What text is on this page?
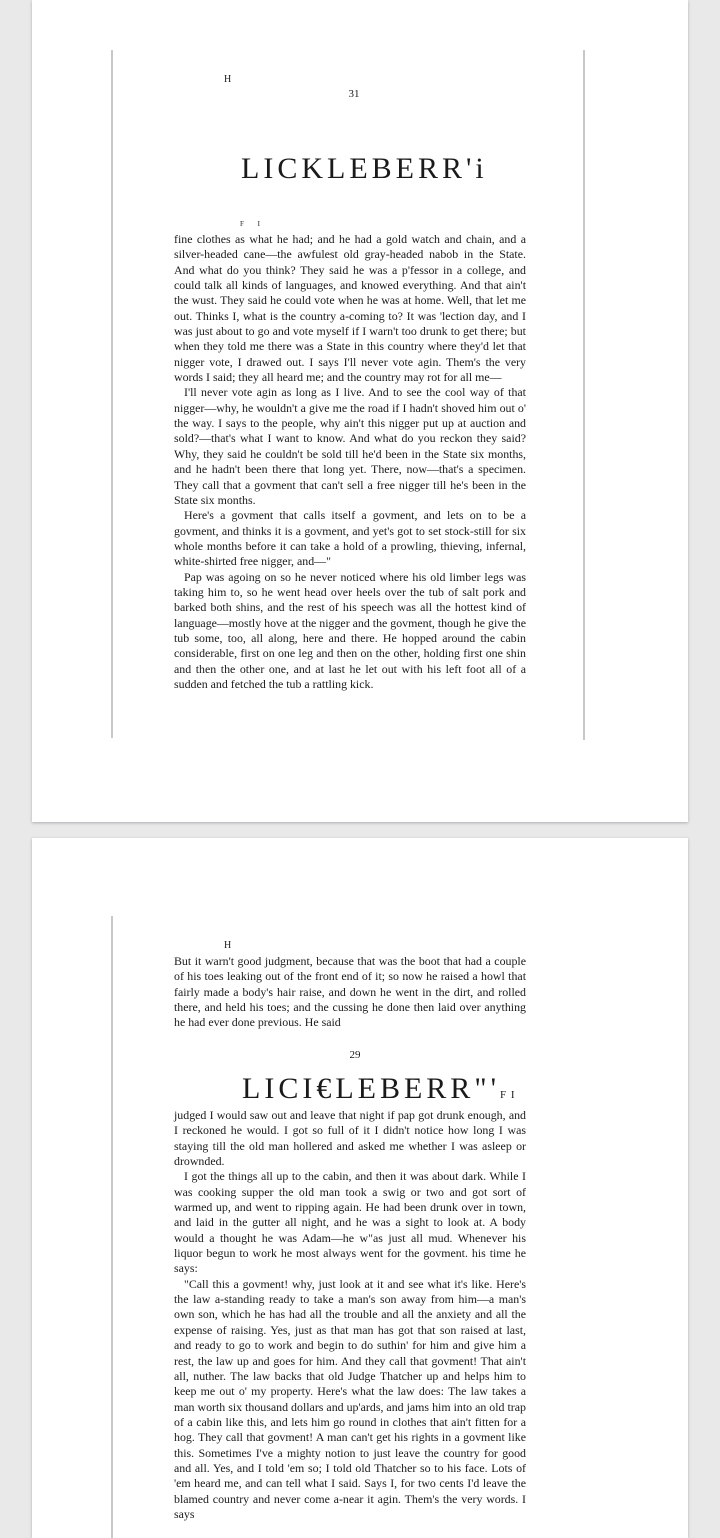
H
31
LICKLEBERR'i
F I

fine clothes as what he had; and he had a gold watch and chain, and a silver-headed cane—the awfulest old gray-headed nabob in the State. And what do you think? They said he was a p'fessor in a college, and could talk all kinds of languages, and knowed everything. And that ain't the wust. They said he could vote when he was at home. Well, that let me out. Thinks I, what is the country a-coming to? It was 'lection day, and I was just about to go and vote myself if I warn't too drunk to get there; but when they told me there was a State in this country where they'd let that nigger vote, I drawed out. I says I'll never vote agin. Them's the very words I said; they all heard me; and the country may rot for all me—

I'll never vote agin as long as I live. And to see the cool way of that nigger—why, he wouldn't a give me the road if I hadn't shoved him out o' the way. I says to the people, why ain't this nigger put up at auction and sold?—that's what I want to know. And what do you reckon they said? Why, they said he couldn't be sold till he'd been in the State six months, and he hadn't been there that long yet. There, now—that's a specimen. They call that a govment that can't sell a free nigger till he's been in the State six months.

Here's a govment that calls itself a govment, and lets on to be a govment, and thinks it is a govment, and yet's got to set stock-still for six whole months before it can take a hold of a prowling, thieving, infernal, white-shirted free nigger, and—"

Pap was agoing on so he never noticed where his old limber legs was taking him to, so he went head over heels over the tub of salt pork and barked both shins, and the rest of his speech was all the hottest kind of language—mostly hove at the nigger and the govment, though he give the tub some, too, all along, here and there. He hopped around the cabin considerable, first on one leg and then on the other, holding first one shin and then the other one, and at last he let out with his left foot all of a sudden and fetched the tub a rattling kick.

H

But it warn't good judgment, because that was the boot that had a couple of his toes leaking out of the front end of it; so now he raised a howl that fairly made a body's hair raise, and down he went in the dirt, and rolled there, and held his toes; and the cussing he done then laid over anything he had ever done previous. He said

29
LICI€LEBERR"'F I

judged I would saw out and leave that night if pap got drunk enough, and I reckoned he would. I got so full of it I didn't notice how long I was staying till the old man hollered and asked me whether I was asleep or drownded.

I got the things all up to the cabin, and then it was about dark. While I was cooking supper the old man took a swig or two and got sort of warmed up, and went to ripping again. He had been drunk over in town, and laid in the gutter all night, and he was a sight to look at. A body would a thought he was Adam—he w"as just all mud. Whenever his liquor begun to work he most always went for the govment. his time he says:

"Call this a govment! why, just look at it and see what it's like. Here's the law a-standing ready to take a man's son away from him—a man's own son, which he has had all the trouble and all the anxiety and all the expense of raising. Yes, just as that man has got that son raised at last, and ready to go to work and begin to do suthin' for him and give him a rest, the law up and goes for him. And they call that govment! That ain't all, nuther. The law backs that old Judge Thatcher up and helps him to keep me out o' my property. Here's what the law does: The law takes a man worth six thousand dollars and up'ards, and jams him into an old trap of a cabin like this, and lets him go round in clothes that ain't fitten for a hog. They call that govment! A man can't get his rights in a govment like this. Sometimes I've a mighty notion to just leave the country for good and all. Yes, and I told 'em so; I told old Thatcher so to his face. Lots of 'em heard me, and can tell what I said. Says I, for two cents I'd leave the blamed country and never come a-near it agin. Them's the very words. I says
